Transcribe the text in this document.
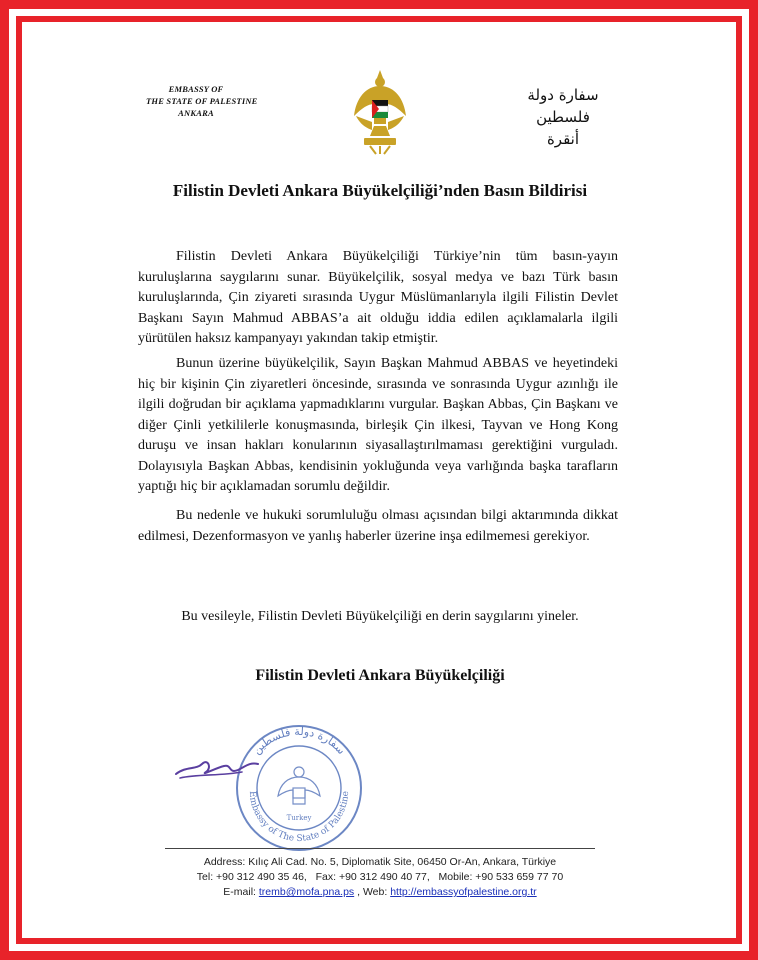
EMBASSY OF
THE STATE OF PALESTINE
ANKARA
سفارة دولة فلسطين
أنقرة
Filistin Devleti Ankara Büyükelçiliği’nden Basın Bildirisi
Filistin Devleti Ankara Büyükelçiliği Türkiye’nin tüm basın-yayın kuruluşlarına saygılarını sunar. Büyükelçilik, sosyal medya ve bazı Türk basın kuruluşlarında, Çin ziyareti sırasında Uygur Müslümanlarıyla ilgili Filistin Devlet Başkanı Sayın Mahmud ABBAS’a ait olduğu iddia edilen açıklamalarla ilgili yürütülen haksız kampanyayı yakından takip etmiştir.
Bunun üzerine büyükelçilik, Sayın Başkan Mahmud ABBAS ve heyetindeki hiç bir kişinin Çin ziyaretleri öncesinde, sırasında ve sonrasında Uygur azınlığı ile ilgili doğrudan bir açıklama yapmadıklarını vurgular. Başkan Abbas, Çin Başkanı ve diğer Çinli yetkililerle konuşmasında, birleşik Çin ilkesi, Tayvan ve Hong Kong duruşu ve insan hakları konularının siyasallaştırılmaması gerektiğini vurguladı. Dolayısıyla Başkan Abbas, kendisinin yokluğunda veya varlığında başka tarafların yaptığı hiç bir açıklamadan sorumlu değildir.
Bu nedenle ve hukuki sorumluluğu olması açısından bilgi aktarımında dikkat edilmesi, Dezenformasyon ve yanlış haberler üzerine inşa edilmemesi gerekiyor.
Bu vesileyle, Filistin Devleti Büyükelçiliği en derin saygılarını yineler.
Filistin Devleti Ankara Büyükelçiliği
سفارة دولة فلسطين
Embassy of The State of Palestine
Turkey
Address: Kılıç Ali Cad. No. 5, Diplomatik Site, 06450 Or-An, Ankara, Türkiye
Tel: +90 312 490 35 46, Fax: +90 312 490 40 77, Mobile: +90 533 659 77 70
E-mail: tremb@mofa.pna.ps , Web: http://embassyofpalestine.org.tr
